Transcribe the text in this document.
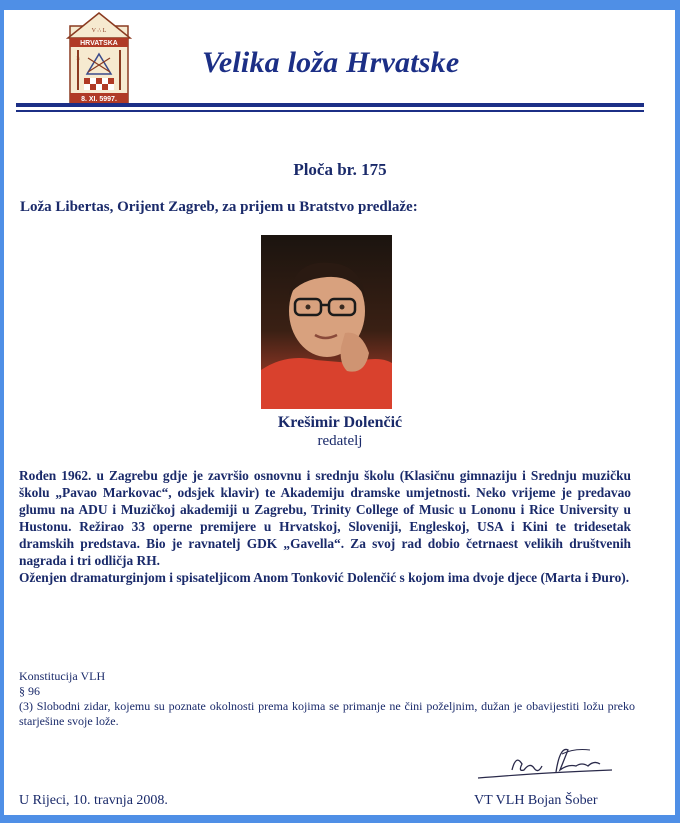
V ∴ L
HRVATSKA
B	J
8. XI. 5997.
Velika loža Hrvatske
Ploča br. 175
Loža Libertas, Orijent Zagreb, za prijem u Bratstvo predlaže:
Krešimir Dolenčić
redatelj

Rođen 1962. u Zagrebu gdje je završio osnovnu i srednju školu (Klasičnu gimnaziju i Srednju muzičku školu „Pavao Markovac“, odsjek klavir) te Akademiju dramske umjetnosti. Neko vrijeme je predavao glumu na ADU i Muzičkoj akademiji u Zagrebu, Trinity College of Music u Lononu i Rice University u Hustonu. Režirao 33 operne premijere u Hrvatskoj, Sloveniji, Engleskoj, USA i Kini te tridesetak dramskih predstava. Bio je ravnatelj GDK „Gavella“. Za svoj rad dobio četrnaest velikih društvenih nagrada i tri odličja RH.

Oženjen dramaturginjom i spisateljicom Anom Tonković Dolenčić s kojom ima dvoje djece (Marta i Đuro).

Konstitucija VLH
§ 96
(3) Slobodni zidar, kojemu su poznate okolnosti prema kojima se primanje ne čini poželjnim, dužan je obavijestiti ložu preko starješine svoje lože.
U Rijeci, 10. travnja 2008.	VT VLH Bojan Šober
